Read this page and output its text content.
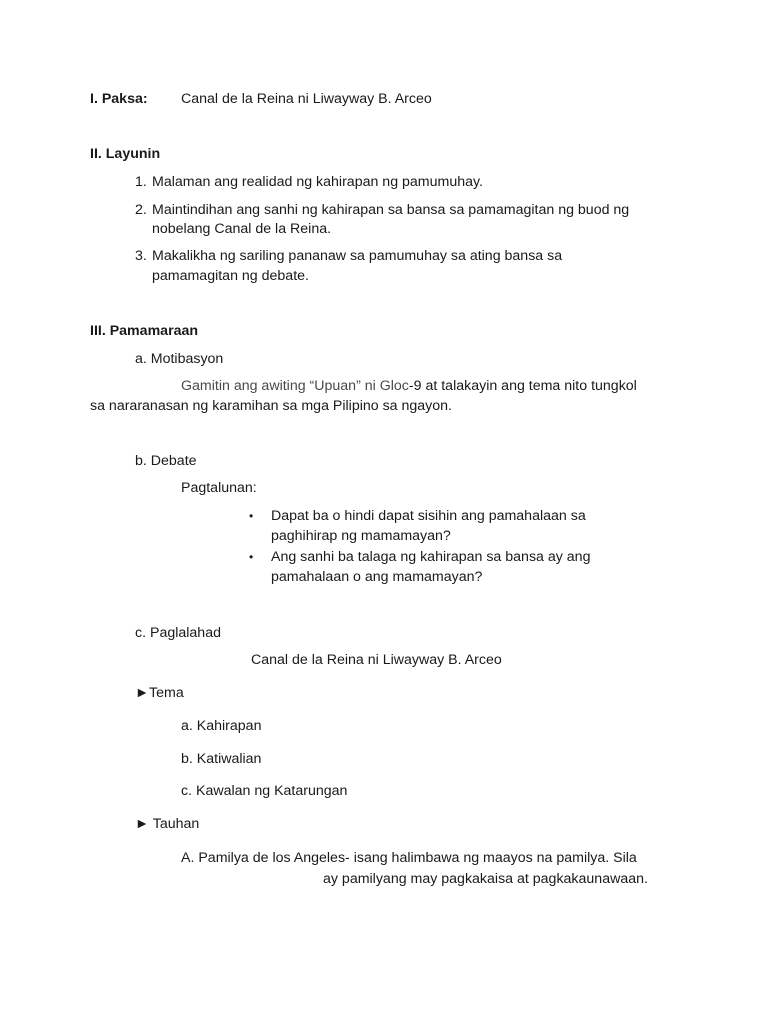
I. Paksa: Canal de la Reina ni Liwayway B. Arceo
II. Layunin
1. Malaman ang realidad ng kahirapan ng pamumuhay.
2. Maintindihan ang sanhi ng kahirapan sa bansa sa pamamagitan ng buod ng
nobelang Canal de la Reina.
3. Makalikha ng sariling pananaw sa pamumuhay sa ating bansa sa
pamamagitan ng debate.
III. Pamamaraan
a. Motibasyon
Gamitin ang awiting “Upuan” ni Gloc-9 at talakayin ang tema nito tungkol
sa nararanasan ng karamihan sa mga Pilipino sa ngayon.
b. Debate
Pagtalunan:
• Dapat ba o hindi dapat sisihin ang pamahalaan sa
paghihirap ng mamamayan?
• Ang sanhi ba talaga ng kahirapan sa bansa ay ang
pamahalaan o ang mamamayan?
c. Paglalahad
Canal de la Reina ni Liwayway B. Arceo
►Tema
a. Kahirapan
b. Katiwalian
c. Kawalan ng Katarungan
► Tauhan
A. Pamilya de los Angeles- isang halimbawa ng maayos na pamilya. Sila
ay pamilyang may pagkakaisa at pagkakaunawaan.
